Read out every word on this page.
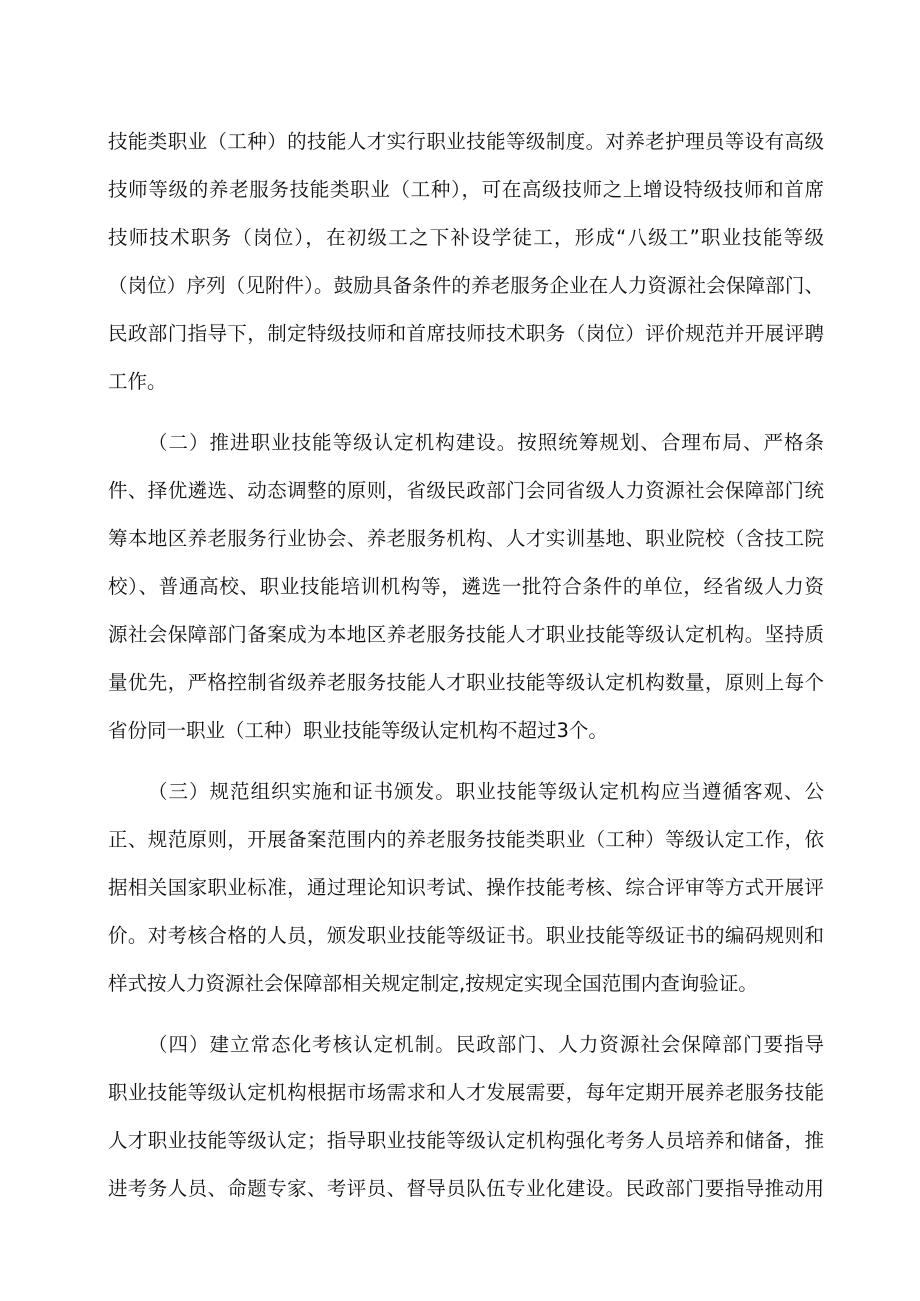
技能类职业（工种）的技能人才实行职业技能等级制度。对养老护理员等设有高级
技师等级的养老服务技能类职业（工种），可在高级技师之上增设特级技师和首席
技师技术职务（岗位），在初级工之下补设学徒工，形成“八级工”职业技能等级
（岗位）序列（见附件）。鼓励具备条件的养老服务企业在人力资源社会保障部门、
民政部门指导下，制定特级技师和首席技师技术职务（岗位）评价规范并开展评聘
工作。
（二）推进职业技能等级认定机构建设。按照统筹规划、合理布局、严格条
件、择优遴选、动态调整的原则，省级民政部门会同省级人力资源社会保障部门统
筹本地区养老服务行业协会、养老服务机构、人才实训基地、职业院校（含技工院
校）、普通高校、职业技能培训机构等，遴选一批符合条件的单位，经省级人力资
源社会保障部门备案成为本地区养老服务技能人才职业技能等级认定机构。坚持质
量优先，严格控制省级养老服务技能人才职业技能等级认定机构数量，原则上每个
省份同一职业（工种）职业技能等级认定机构不超过3个。
（三）规范组织实施和证书颁发。职业技能等级认定机构应当遵循客观、公
正、规范原则，开展备案范围内的养老服务技能类职业（工种）等级认定工作，依
据相关国家职业标准，通过理论知识考试、操作技能考核、综合评审等方式开展评
价。对考核合格的人员，颁发职业技能等级证书。职业技能等级证书的编码规则和
样式按人力资源社会保障部相关规定制定,按规定实现全国范围内查询验证。
（四）建立常态化考核认定机制。民政部门、人力资源社会保障部门要指导
职业技能等级认定机构根据市场需求和人才发展需要，每年定期开展养老服务技能
人才职业技能等级认定；指导职业技能等级认定机构强化考务人员培养和储备，推
进考务人员、命题专家、考评员、督导员队伍专业化建设。民政部门要指导推动用
